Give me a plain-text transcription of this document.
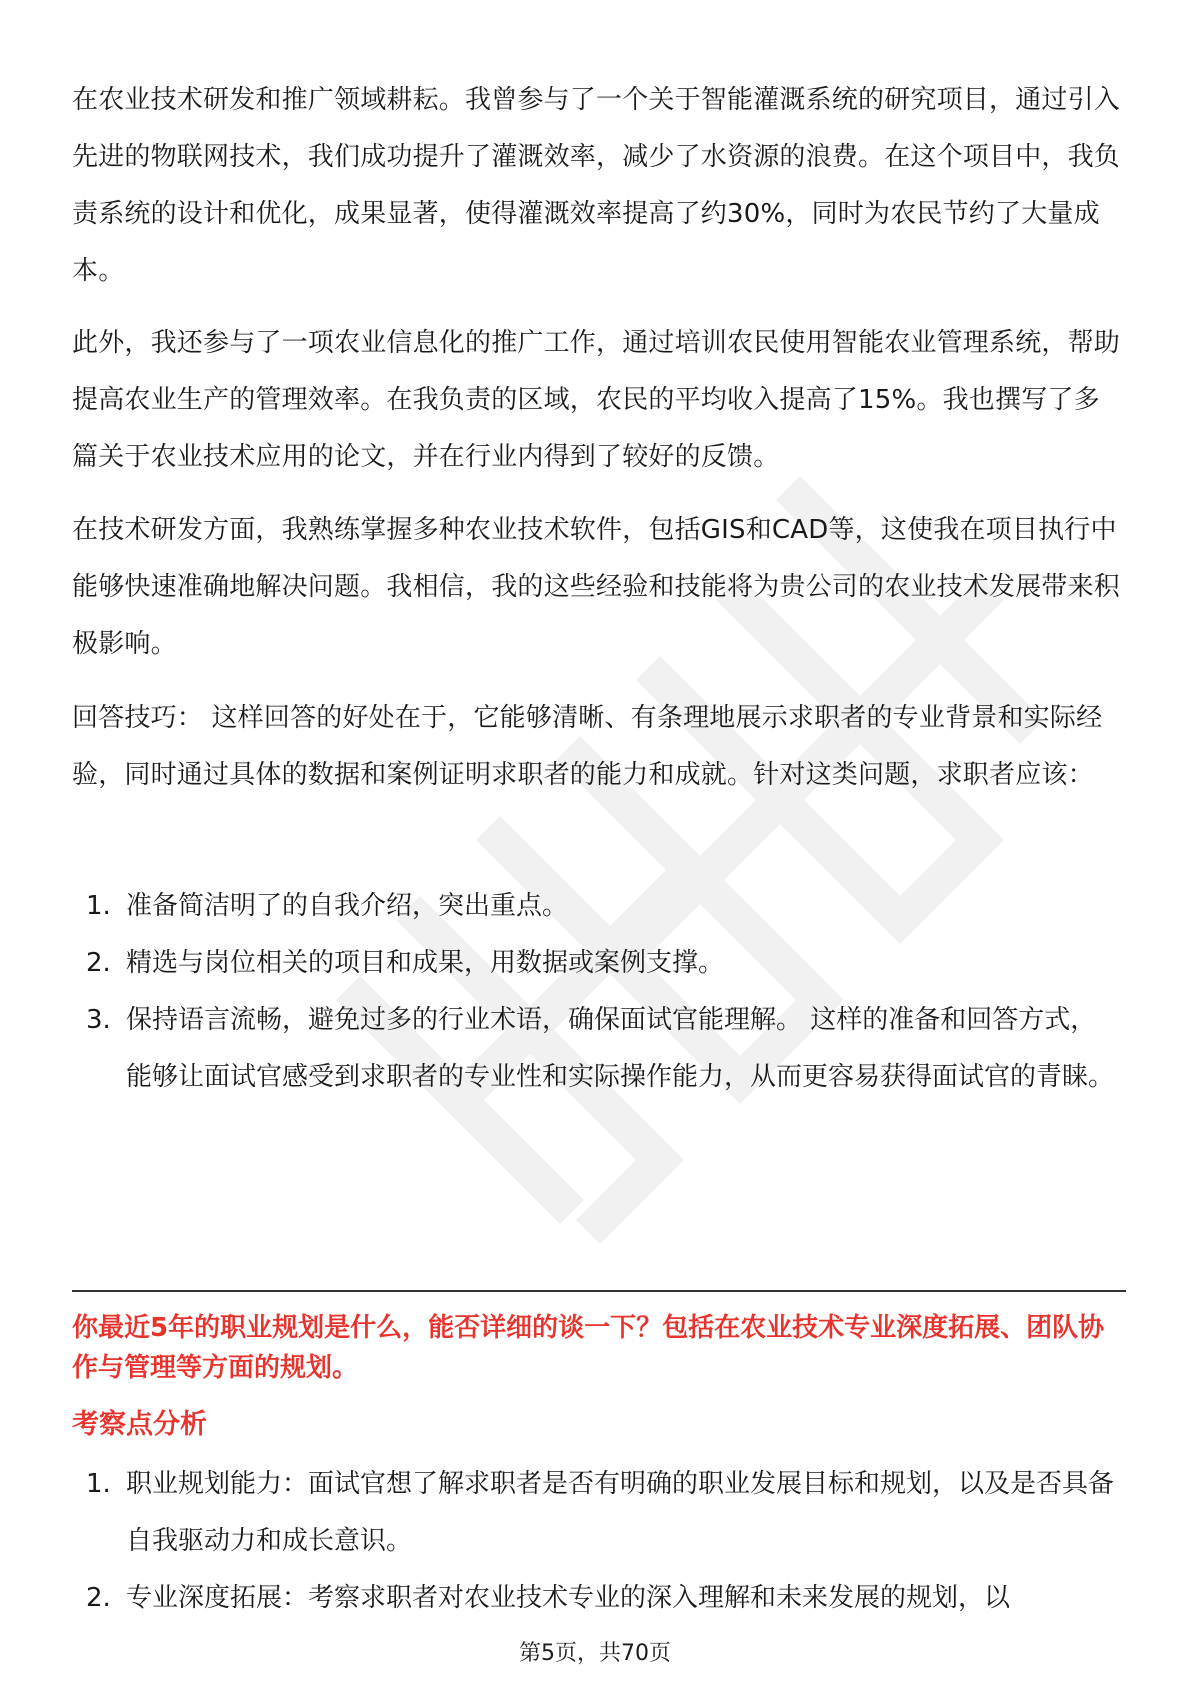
在农业技术研发和推广领域耕耘。我曾参与了一个关于智能灌溉系统的研究项目，通过引入先进的物联网技术，我们成功提升了灌溉效率，减少了水资源的浪费。在这个项目中，我负责系统的设计和优化，成果显著，使得灌溉效率提高了约30%，同时为农民节约了大量成本。

此外，我还参与了一项农业信息化的推广工作，通过培训农民使用智能农业管理系统，帮助提高农业生产的管理效率。在我负责的区域，农民的平均收入提高了15%。我也撰写了多篇关于农业技术应用的论文，并在行业内得到了较好的反馈。

在技术研发方面，我熟练掌握多种农业技术软件，包括GIS和CAD等，这使我在项目执行中能够快速准确地解决问题。我相信，我的这些经验和技能将为贵公司的农业技术发展带来积极影响。

回答技巧： 这样回答的好处在于，它能够清晰、有条理地展示求职者的专业背景和实际经验，同时通过具体的数据和案例证明求职者的能力和成就。针对这类问题，求职者应该：

1. 准备简洁明了的自我介绍，突出重点。
2. 精选与岗位相关的项目和成果，用数据或案例支撑。
3. 保持语言流畅，避免过多的行业术语，确保面试官能理解。 这样的准备和回答方式，能够让面试官感受到求职者的专业性和实际操作能力，从而更容易获得面试官的青睐。
你最近5年的职业规划是什么，能否详细的谈一下？包括在农业技术专业深度拓展、团队协作与管理等方面的规划。
考察点分析
1. 职业规划能力：面试官想了解求职者是否有明确的职业发展目标和规划，以及是否具备自我驱动力和成长意识。
2. 专业深度拓展：考察求职者对农业技术专业的深入理解和未来发展的规划，以
第5页，共70页
